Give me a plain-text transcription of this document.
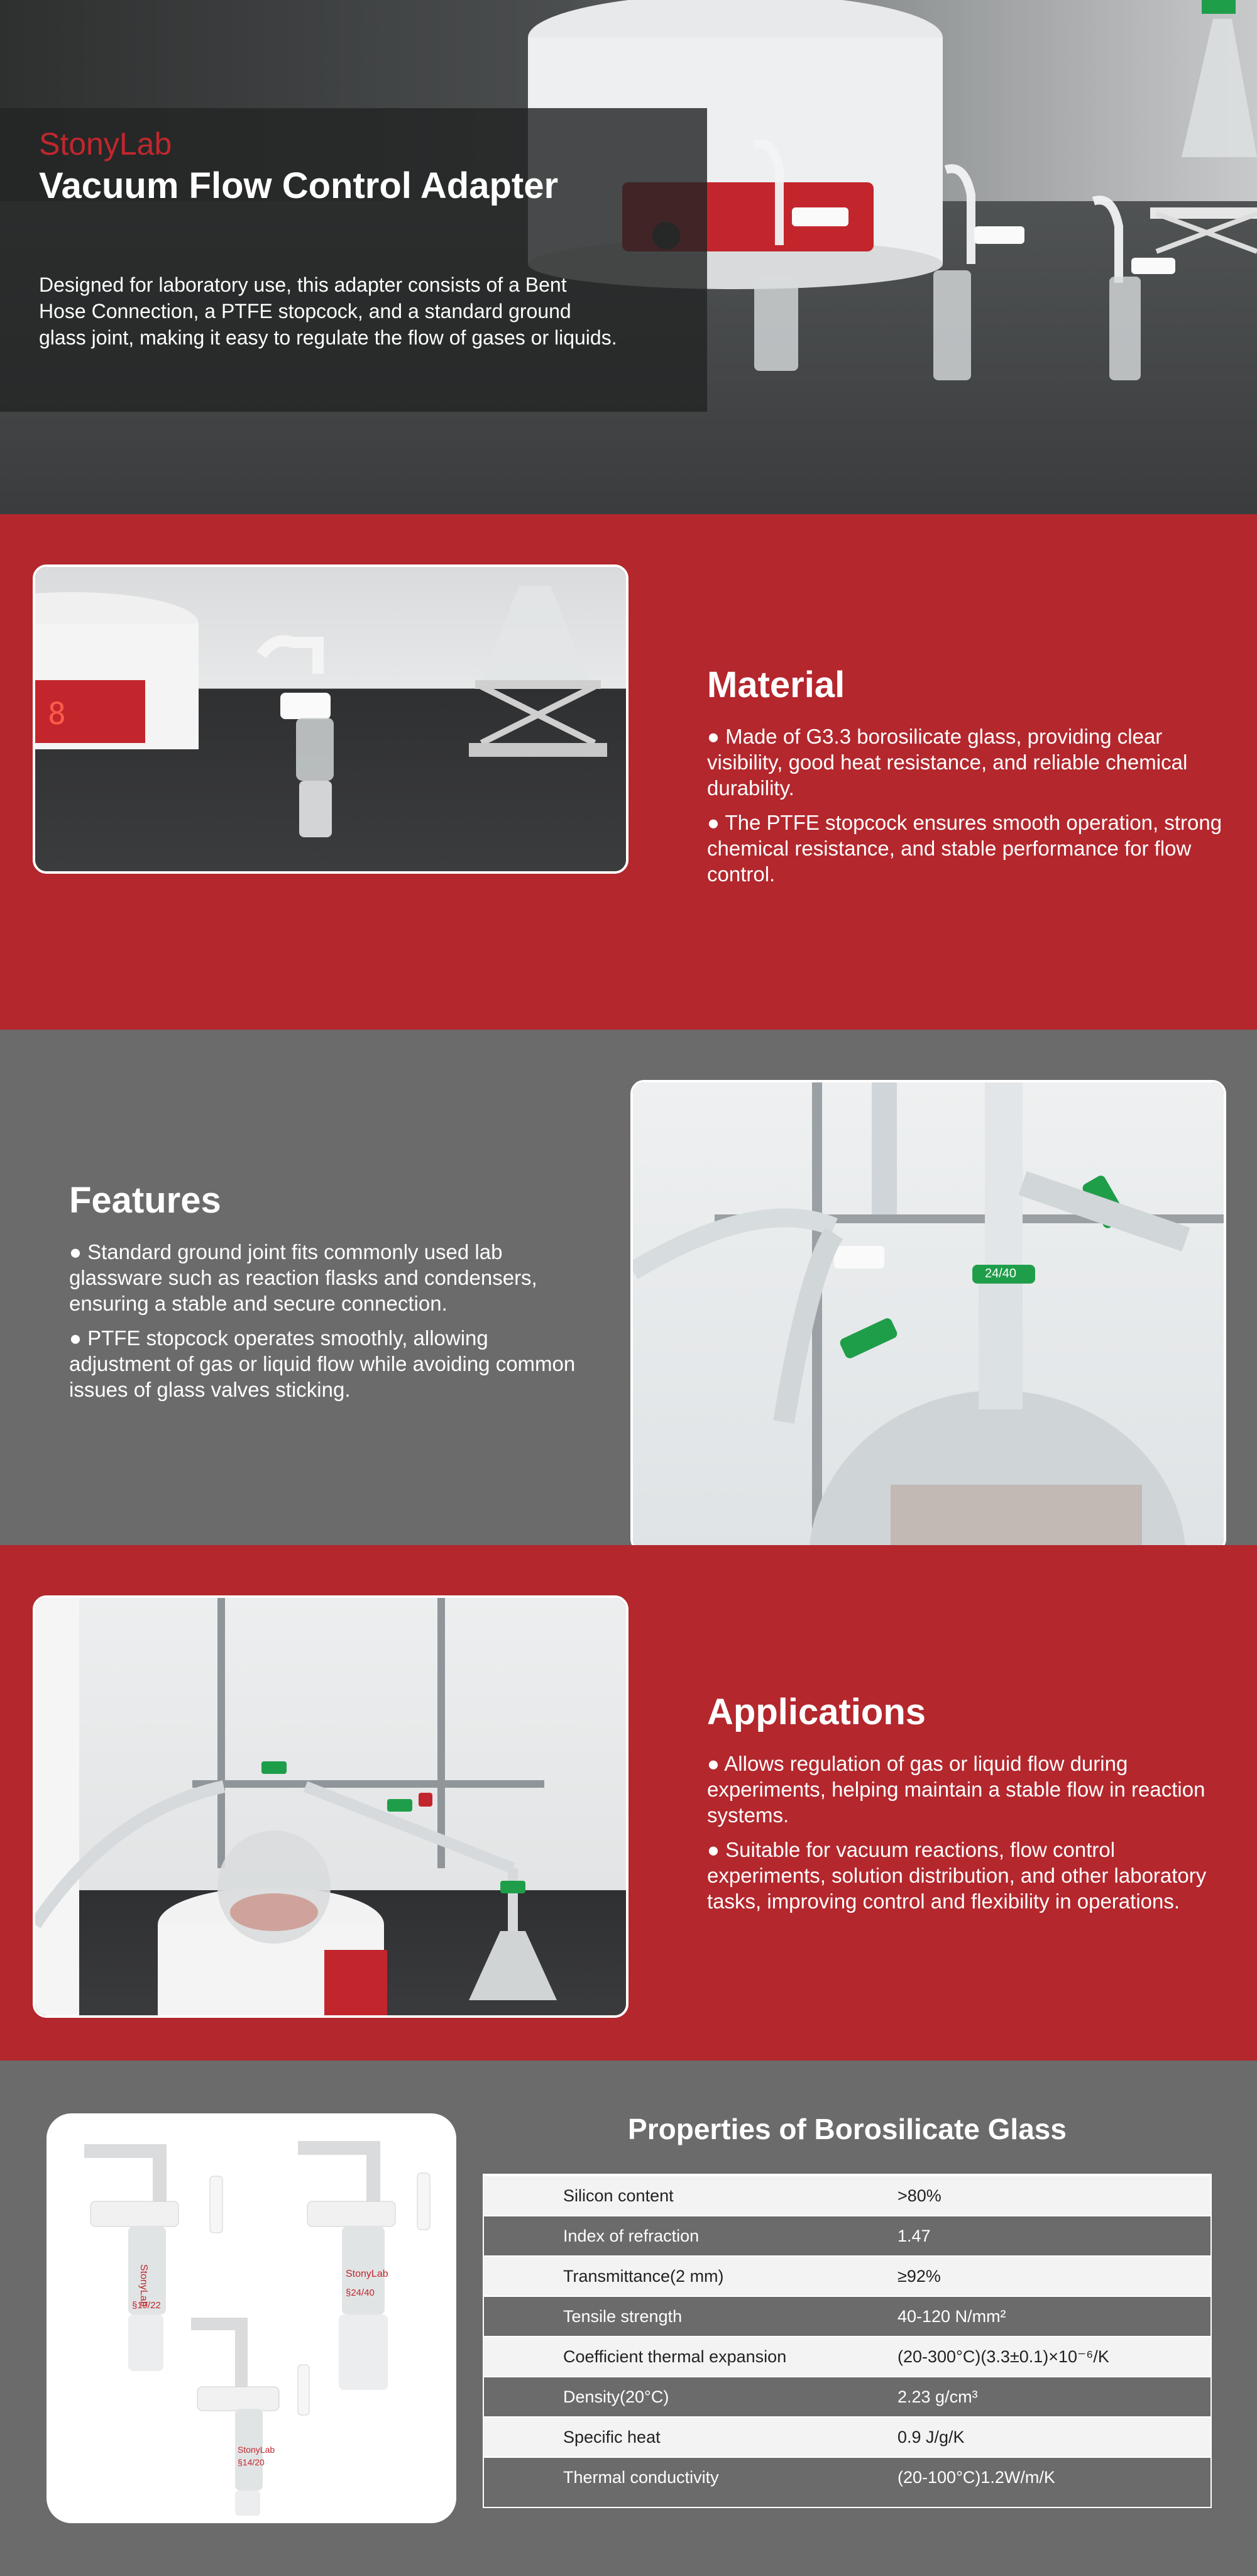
StonyLab
Vacuum Flow Control Adapter
Designed for laboratory use, this adapter consists of a Bent Hose Connection, a PTFE stopcock, and a standard ground glass joint, making it easy to regulate the flow of gases or liquids.
8
Material
● Made of G3.3 borosilicate glass, providing clear visibility, good heat resistance, and reliable chemical durability.
● The PTFE stopcock ensures smooth operation, strong chemical resistance, and stable performance for flow control.
Features
● Standard ground joint fits commonly used lab glassware such as reaction flasks and condensers, ensuring a stable and secure connection.
● PTFE stopcock operates smoothly, allowing adjustment of gas or liquid flow while avoiding common issues of glass valves sticking.
24/40
Applications
● Allows regulation of gas or liquid flow during experiments, helping maintain a stable flow in reaction systems.
● Suitable for vacuum reactions, flow control experiments, solution distribution, and other laboratory tasks, improving control and flexibility in operations.
StonyLab
§19/22
StonyLab
§24/40
StonyLab
§14/20
Properties of Borosilicate Glass
Silicon content	>80%
Index of refraction	1.47
Transmittance(2 mm)	≥92%
Tensile strength	40-120 N/mm²
Coefficient thermal expansion	(20-300°C)(3.3±0.1)×10⁻⁶/K
Density(20°C)	2.23 g/cm³
Specific heat	0.9 J/g/K
Thermal conductivity	(20-100°C)1.2W/m/K
